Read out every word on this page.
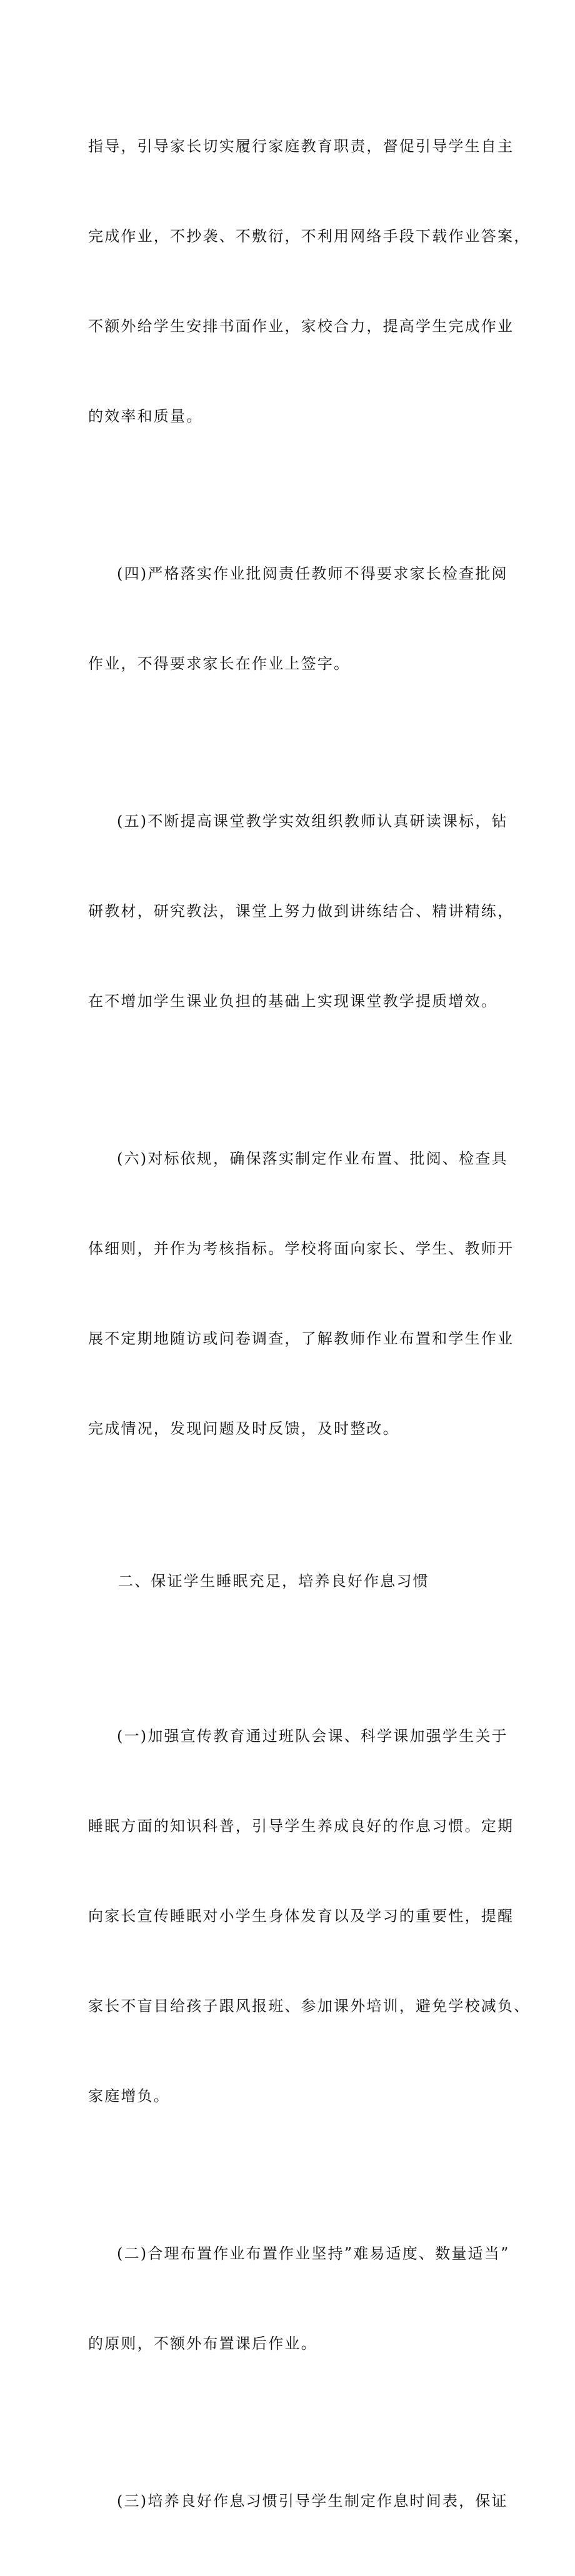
指导，引导家长切实履行家庭教育职责，督促引导学生自主

完成作业，不抄袭、不敷衍，不利用网络手段下载作业答案，

不额外给学生安排书面作业，家校合力，提高学生完成作业

的效率和质量。

(四)严格落实作业批阅责任教师不得要求家长检查批阅

作业，不得要求家长在作业上签字。

(五)不断提高课堂教学实效组织教师认真研读课标，钻

研教材，研究教法，课堂上努力做到讲练结合、精讲精练，

在不增加学生课业负担的基础上实现课堂教学提质增效。

(六)对标依规，确保落实制定作业布置、批阅、检查具

体细则，并作为考核指标。学校将面向家长、学生、教师开

展不定期地随访或问卷调查，了解教师作业布置和学生作业

完成情况，发现问题及时反馈，及时整改。

二、保证学生睡眠充足，培养良好作息习惯

(一)加强宣传教育通过班队会课、科学课加强学生关于

睡眠方面的知识科普，引导学生养成良好的作息习惯。定期

向家长宣传睡眠对小学生身体发育以及学习的重要性，提醒

家长不盲目给孩子跟风报班、参加课外培训，避免学校减负、

家庭增负。

(二)合理布置作业布置作业坚持”难易适度、数量适当”

的原则，不额外布置课后作业。

(三)培养良好作息习惯引导学生制定作息时间表，保证
